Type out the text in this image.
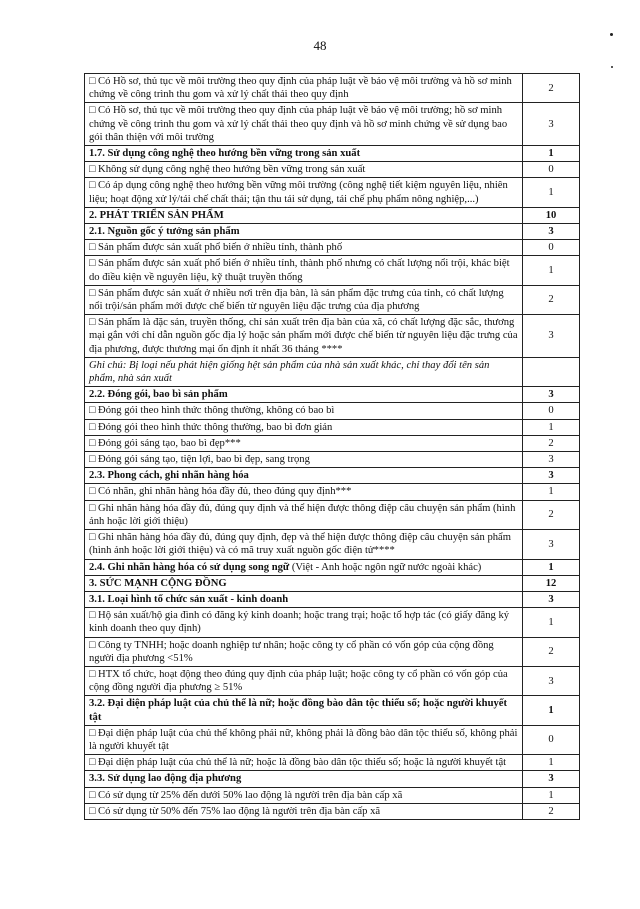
48
□ Có Hồ sơ, thủ tục về môi trường theo quy định của pháp luật về bảo vệ môi trường và hồ sơ minh chứng về công trình thu gom và xử lý chất thải theo quy định	2
□ Có Hồ sơ, thủ tục về môi trường theo quy định của pháp luật về bảo vệ môi trường; hồ sơ minh chứng về công trình thu gom và xử lý chất thải theo quy định và hồ sơ minh chứng về sử dụng bao gói thân thiện với môi trường	3
1.7. Sử dụng công nghệ theo hướng bền vững trong sản xuất	1
□ Không sử dụng công nghệ theo hướng bền vững trong sản xuất	0
□ Có áp dụng công nghệ theo hướng bền vững môi trường (công nghệ tiết kiệm nguyên liệu, nhiên liệu; hoạt động xử lý/tái chế chất thải; tận thu tái sử dụng, tái chế phụ phẩm nông nghiệp,...)	1
2. PHÁT TRIỂN SẢN PHẨM	10
2.1. Nguồn gốc ý tưởng sản phẩm	3
□ Sản phẩm được sản xuất phổ biến ở nhiều tỉnh, thành phố	0
□ Sản phẩm được sản xuất phổ biến ở nhiều tỉnh, thành phố nhưng có chất lượng nổi trội, khác biệt do điều kiện về nguyên liệu, kỹ thuật truyền thống	1
□ Sản phẩm được sản xuất ở nhiều nơi trên địa bàn, là sản phẩm đặc trưng của tỉnh, có chất lượng nổi trội/sản phẩm mới được chế biến từ nguyên liệu đặc trưng của địa phương	2
□ Sản phẩm là đặc sản, truyền thống, chỉ sản xuất trên địa bàn của xã, có chất lượng đặc sắc, thương mại gắn với chỉ dẫn nguồn gốc địa lý hoặc sản phẩm mới được chế biến từ nguyên liệu đặc trưng của địa phương, được thương mại ổn định ít nhất 36 tháng ****	3
Ghi chú: Bị loại nếu phát hiện giống hệt sản phẩm của nhà sản xuất khác, chỉ thay đổi tên sản phẩm, nhà sản xuất	
2.2. Đóng gói, bao bì sản phẩm	3
□ Đóng gói theo hình thức thông thường, không có bao bì	0
□ Đóng gói theo hình thức thông thường, bao bì đơn giản	1
□ Đóng gói sáng tạo, bao bì đẹp***	2
□ Đóng gói sáng tạo, tiện lợi, bao bì đẹp, sang trọng	3
2.3. Phong cách, ghi nhãn hàng hóa	3
□ Có nhãn, ghi nhãn hàng hóa đầy đủ, theo đúng quy định***	1
□ Ghi nhãn hàng hóa đầy đủ, đúng quy định và thể hiện được thông điệp câu chuyện sản phẩm (hình ảnh hoặc lời giới thiệu)	2
□ Ghi nhãn hàng hóa đầy đủ, đúng quy định, đẹp và thể hiện được thông điệp câu chuyện sản phẩm (hình ảnh hoặc lời giới thiệu) và có mã truy xuất nguồn gốc điện tử****	3
2.4. Ghi nhãn hàng hóa có sử dụng song ngữ (Việt - Anh hoặc ngôn ngữ nước ngoài khác)	1
3. SỨC MẠNH CỘNG ĐỒNG	12
3.1. Loại hình tổ chức sản xuất - kinh doanh	3
□ Hộ sản xuất/hộ gia đình có đăng ký kinh doanh; hoặc trang trại; hoặc tổ hợp tác (có giấy đăng ký kinh doanh theo quy định)	1
□ Công ty TNHH; hoặc doanh nghiệp tư nhân; hoặc công ty cổ phần có vốn góp của cộng đồng người địa phương <51%	2
□ HTX tổ chức, hoạt động theo đúng quy định của pháp luật; hoặc công ty cổ phần có vốn góp của cộng đồng người địa phương ≥ 51%	3
3.2. Đại diện pháp luật của chủ thể là nữ; hoặc đồng bào dân tộc thiểu số; hoặc người khuyết tật	1
□ Đại diện pháp luật của chủ thể không phải nữ, không phải là đồng bào dân tộc thiểu số, không phải là người khuyết tật	0
□ Đại diện pháp luật của chủ thể là nữ; hoặc là đồng bào dân tộc thiểu số; hoặc là người khuyết tật	1
3.3. Sử dụng lao động địa phương	3
□ Có sử dụng từ 25% đến dưới 50% lao động là người trên địa bàn cấp xã	1
□ Có sử dụng từ 50% đến 75% lao động là người trên địa bàn cấp xã	2
